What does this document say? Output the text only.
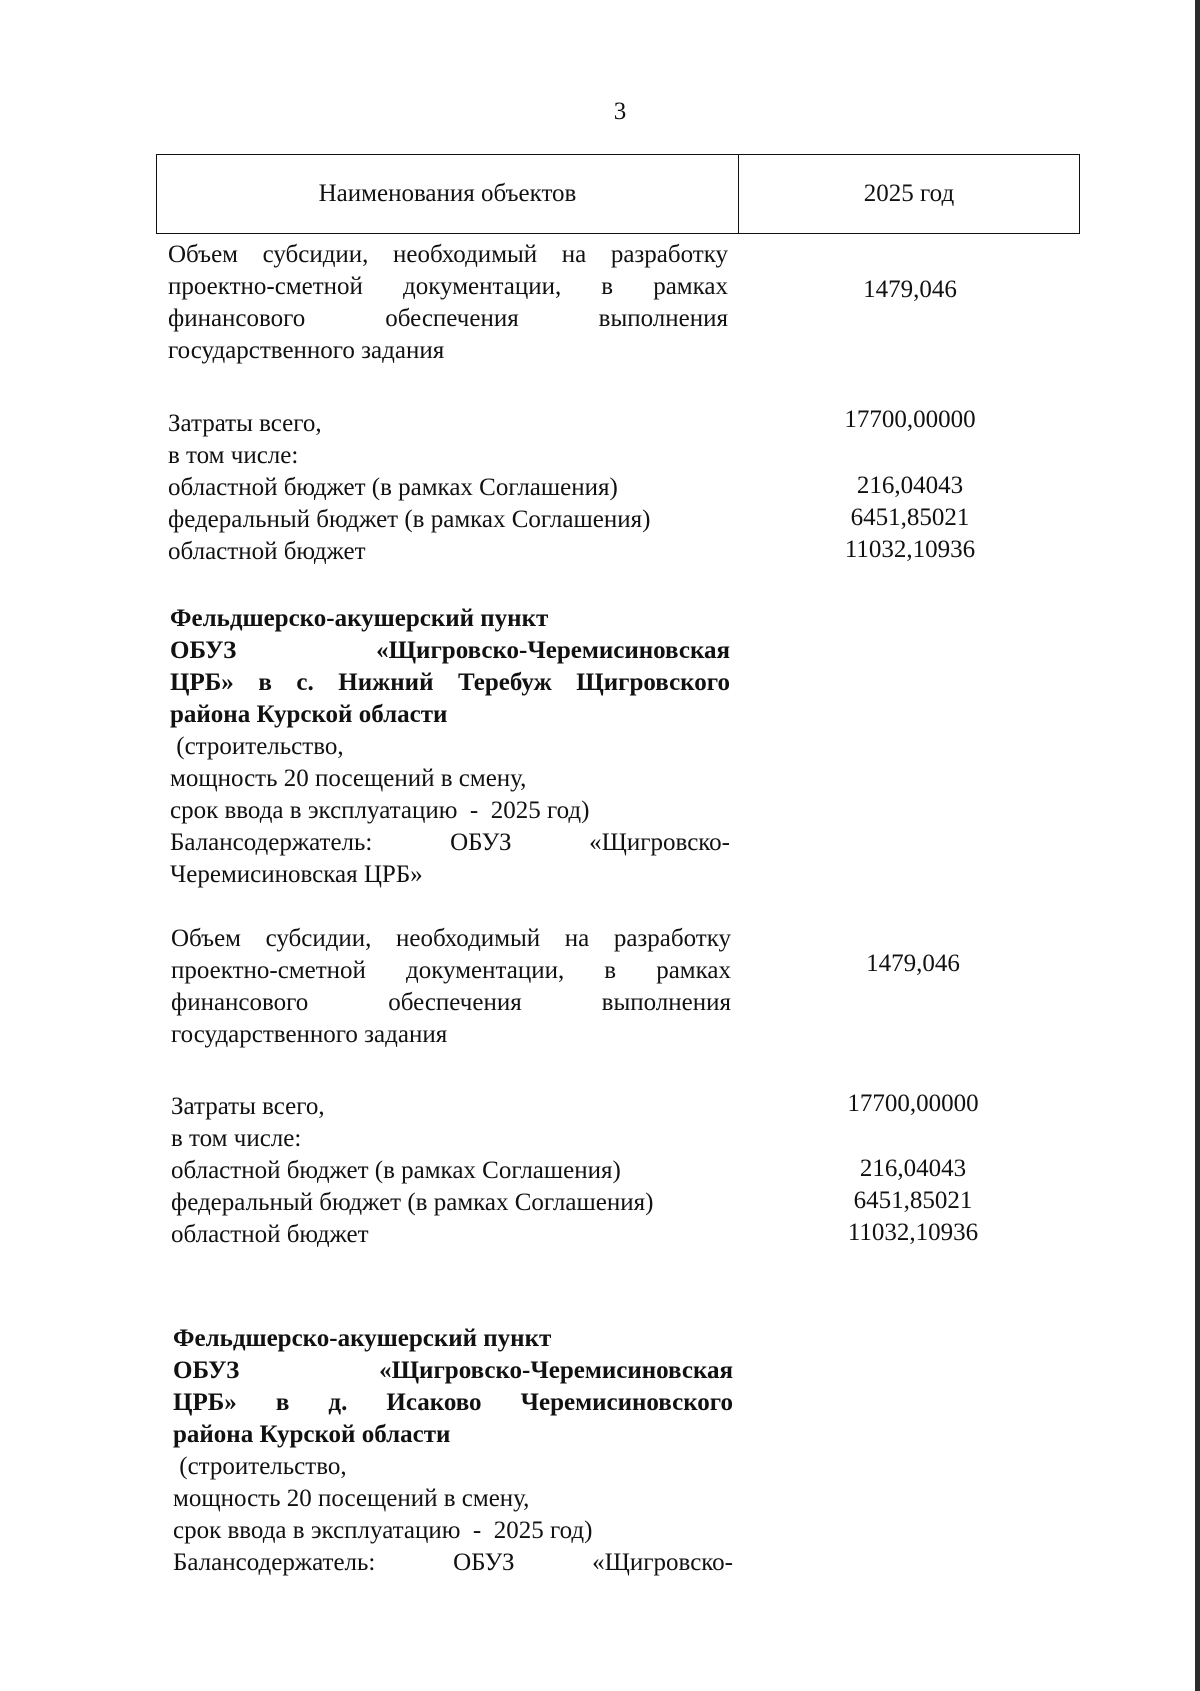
3
Наименования объектов	2025 год
Объем субсидии, необходимый на разработку
проектно-сметной документации, в рамках
финансового обеспечения выполнения
государственного задания
1479,046
Затраты всего,
в том числе:
областной бюджет (в рамках Соглашения)
федеральный бюджет (в рамках Соглашения)
областной бюджет
17700,00000
216,04043
6451,85021
11032,10936
Фельдшерско-акушерский пункт
ОБУЗ «Щигровско-Черемисиновская
ЦРБ» в с. Нижний Теребуж Щигровского
района Курской области
(строительство,
мощность 20 посещений в смену,
срок ввода в эксплуатацию  -  2025 год)
Балансодержатель: ОБУЗ «Щигровско-
Черемисиновская ЦРБ»
Объем субсидии, необходимый на разработку
проектно-сметной документации, в рамках
финансового обеспечения выполнения
государственного задания
1479,046
Затраты всего,
в том числе:
областной бюджет (в рамках Соглашения)
федеральный бюджет (в рамках Соглашения)
областной бюджет
17700,00000
216,04043
6451,85021
11032,10936
Фельдшерско-акушерский пункт
ОБУЗ «Щигровско-Черемисиновская
ЦРБ» в д. Исаково Черемисиновского
района Курской области
(строительство,
мощность 20 посещений в смену,
срок ввода в эксплуатацию  -  2025 год)
Балансодержатель: ОБУЗ «Щигровско-
